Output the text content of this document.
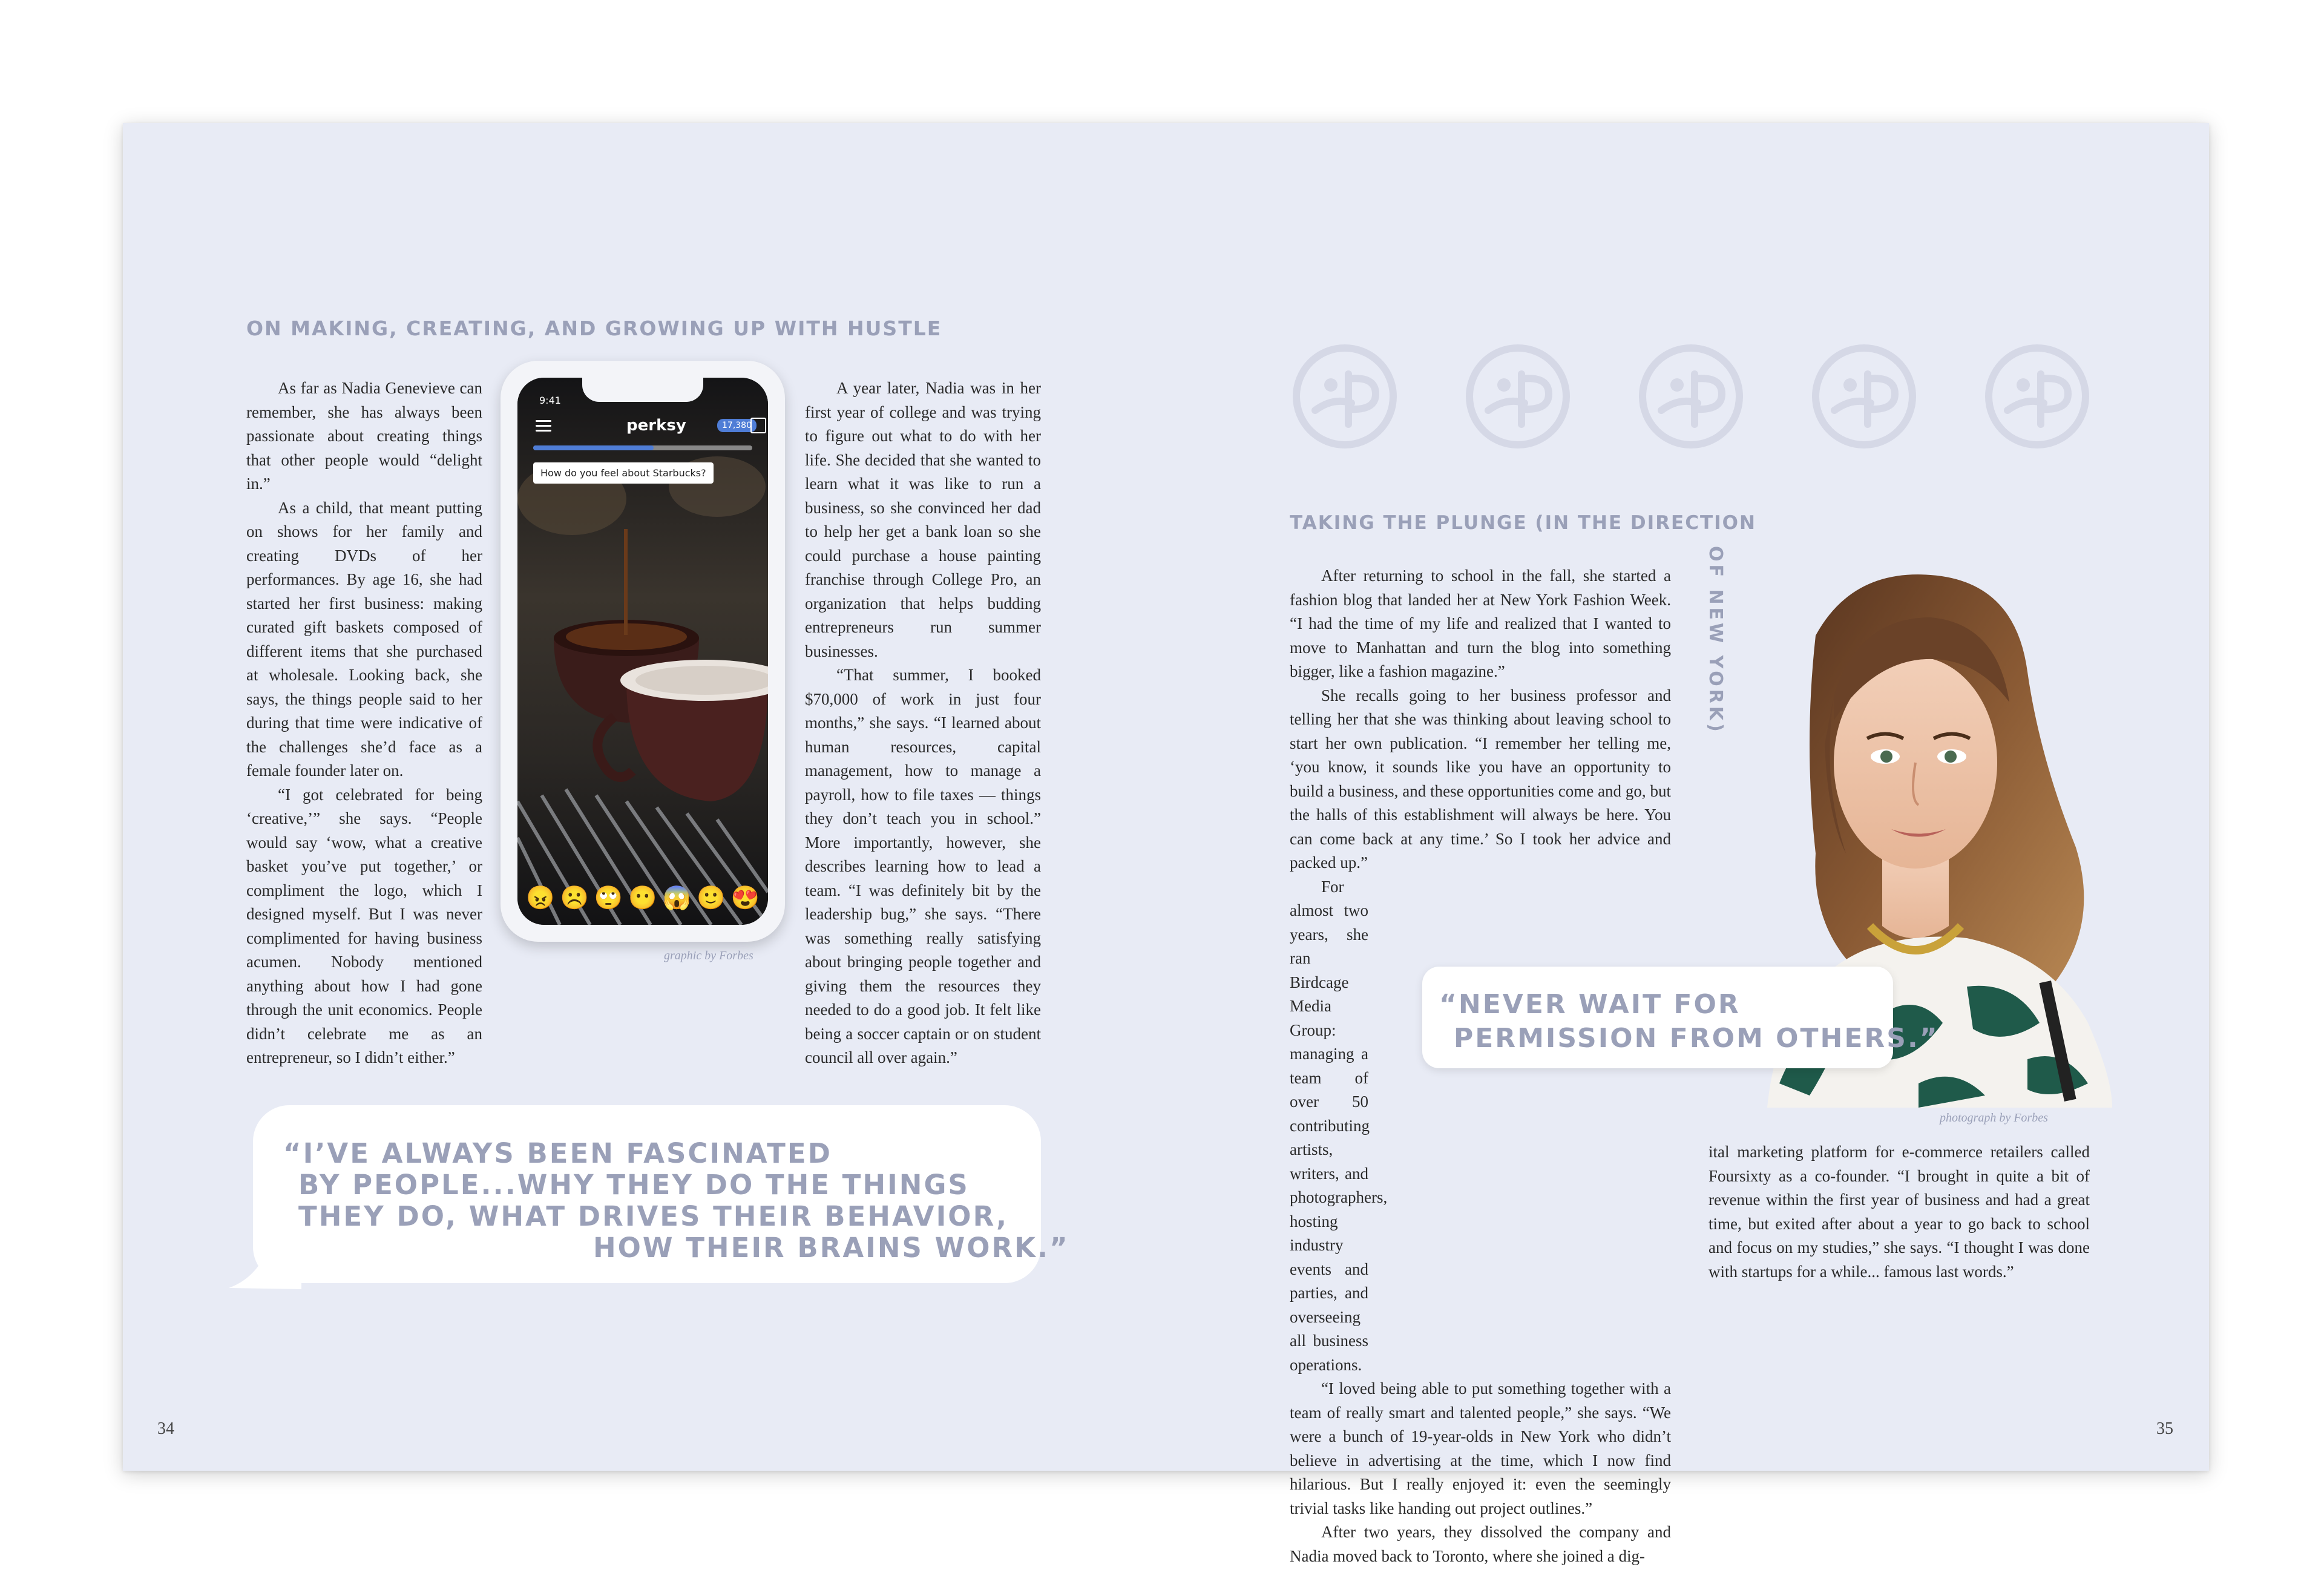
ON MAKING, CREATING, AND GROWING UP WITH HUSTLE

As far as Nadia Genevieve can remember, she has always been passionate about creating things that other people would “delight in.”

As a child, that meant putting on shows for her family and creating DVDs of her performances. By age 16, she had started her first business: making curated gift baskets composed of different items that she purchased at wholesale. Looking back, she says, the things people said to her during that time were indicative of the challenges she’d face as a female founder later on.

“I got celebrated for being ‘creative,’” she says. “People would say ‘wow, what a creative basket you’ve put together,’ or compliment the logo, which I designed myself. But I was never complimented for having business acumen. Nobody mentioned anything about how I had gone through the unit economics. People didn’t celebrate me as an entrepreneur, so I didn’t either.”

A year later, Nadia was in her first year of college and was trying to figure out what to do with her life. She decided that she wanted to learn what it was like to run a business, so she convinced her dad to help her get a bank loan so she could purchase a house painting franchise through College Pro, an organization that helps budding entrepreneurs run summer businesses.

“That summer, I booked $70,000 of work in just four months,” she says. “I learned about human resources, capital management, how to manage a payroll, how to file taxes — things they don’t teach you in school.” More importantly, however, she describes learning how to lead a team. “I was definitely bit by the leadership bug,” she says. “There was something really satisfying about bringing people together and giving them the resources they needed to do a good job. It felt like being a soccer captain or on student council all over again.”

9:41
perksy	17,380
How do you feel about Starbucks?
😠 ☹️ 🙄 😶 😱 🙂 😍
graphic by Forbes
“I’VE ALWAYS BEEN FASCINATED
BY PEOPLE...WHY THEY DO THE THINGS
THEY DO, WHAT DRIVES THEIR BEHAVIOR,
HOW THEIR BRAINS WORK.”
34
TAKING THE PLUNGE (IN THE DIRECTION
OF NEW YORK)

After returning to school in the fall, she started a fashion blog that landed her at New York Fashion Week. “I had the time of my life and realized that I wanted to move to Manhattan and turn the blog into something bigger, like a fashion magazine.”

She recalls going to her business professor and telling her that she was thinking about leaving school to start her own publication. “I remember her telling me, ‘you know, it sounds like you have an opportunity to build a business, and these opportunities come and go, but the halls of this establishment will always be here. You can come back at any time.’ So I took her advice and packed up.”

For almost two years, she ran Birdcage Media Group: managing a team of over 50 contributing artists, writers, and photographers, hosting industry events and parties, and overseeing all business operations.

“I loved being able to put something together with a team of really smart and talented people,” she says. “We were a bunch of 19-year-olds in New York who didn’t believe in advertising at the time, which I now find hilarious. But I really enjoyed it: even the seemingly trivial tasks like handing out project outlines.”

After two years, they dissolved the company and Nadia moved back to Toronto, where she joined a dig-

photograph by Forbes
“NEVER WAIT FOR
PERMISSION FROM OTHERS.”

ital marketing platform for e-commerce retailers called Foursixty as a co-founder. “I brought in quite a bit of revenue within the first year of business and had a great time, but exited after about a year to go back to school and focus on my studies,” she says. “I thought I was done with startups for a while... famous last words.”

35
